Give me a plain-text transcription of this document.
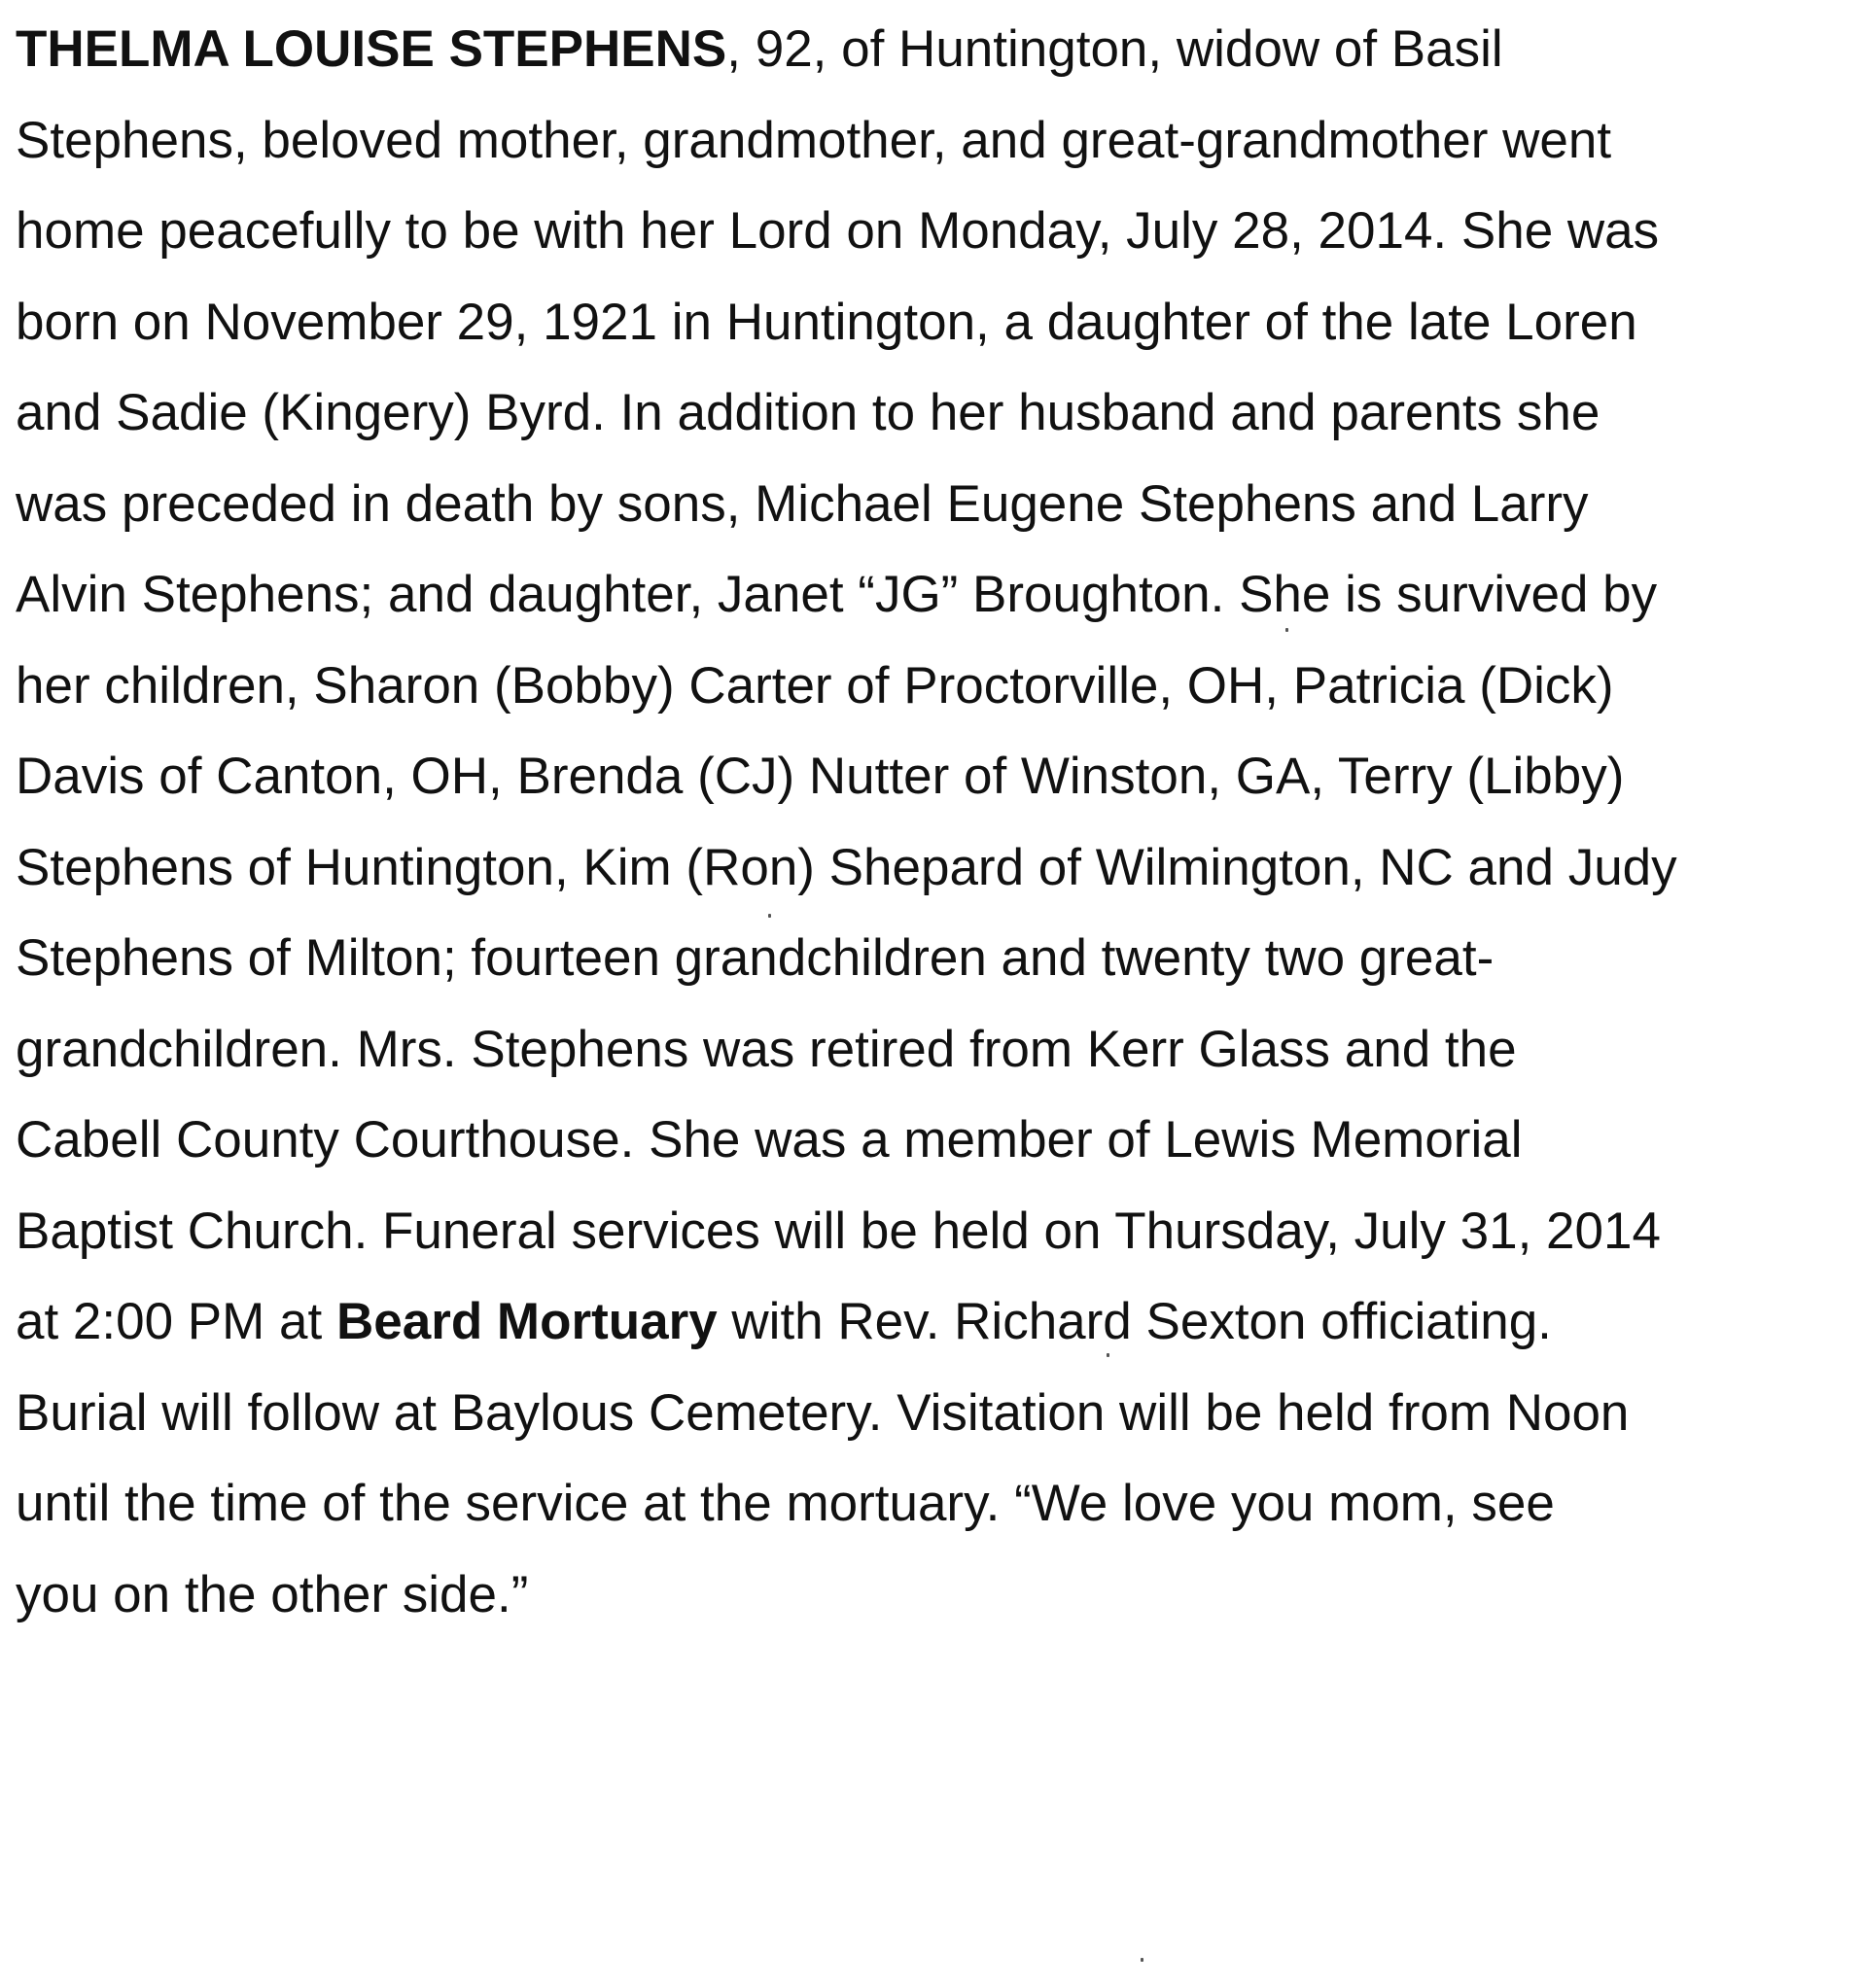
THELMA LOUISE STEPHENS, 92, of Huntington, widow of Basil
Stephens, beloved mother, grandmother, and great-grandmother went
home peacefully to be with her Lord on Monday, July 28, 2014. She was
born on November 29, 1921 in Huntington, a daughter of the late Loren
and Sadie (Kingery) Byrd. In addition to her husband and parents she
was preceded in death by sons, Michael Eugene Stephens and Larry
Alvin Stephens; and daughter, Janet “JG” Broughton. She is survived by
her children, Sharon (Bobby) Carter of Proctorville, OH, Patricia (Dick)
Davis of Canton, OH, Brenda (CJ) Nutter of Winston, GA, Terry (Libby)
Stephens of Huntington, Kim (Ron) Shepard of Wilmington, NC and Judy
Stephens of Milton; fourteen grandchildren and twenty two great-
grandchildren. Mrs. Stephens was retired from Kerr Glass and the
Cabell County Courthouse. She was a member of Lewis Memorial
Baptist Church. Funeral services will be held on Thursday, July 31, 2014
at 2:00 PM at Beard Mortuary with Rev. Richard Sexton officiating.
Burial will follow at Baylous Cemetery. Visitation will be held from Noon
until the time of the service at the mortuary. “We love you mom, see
you on the other side.”
